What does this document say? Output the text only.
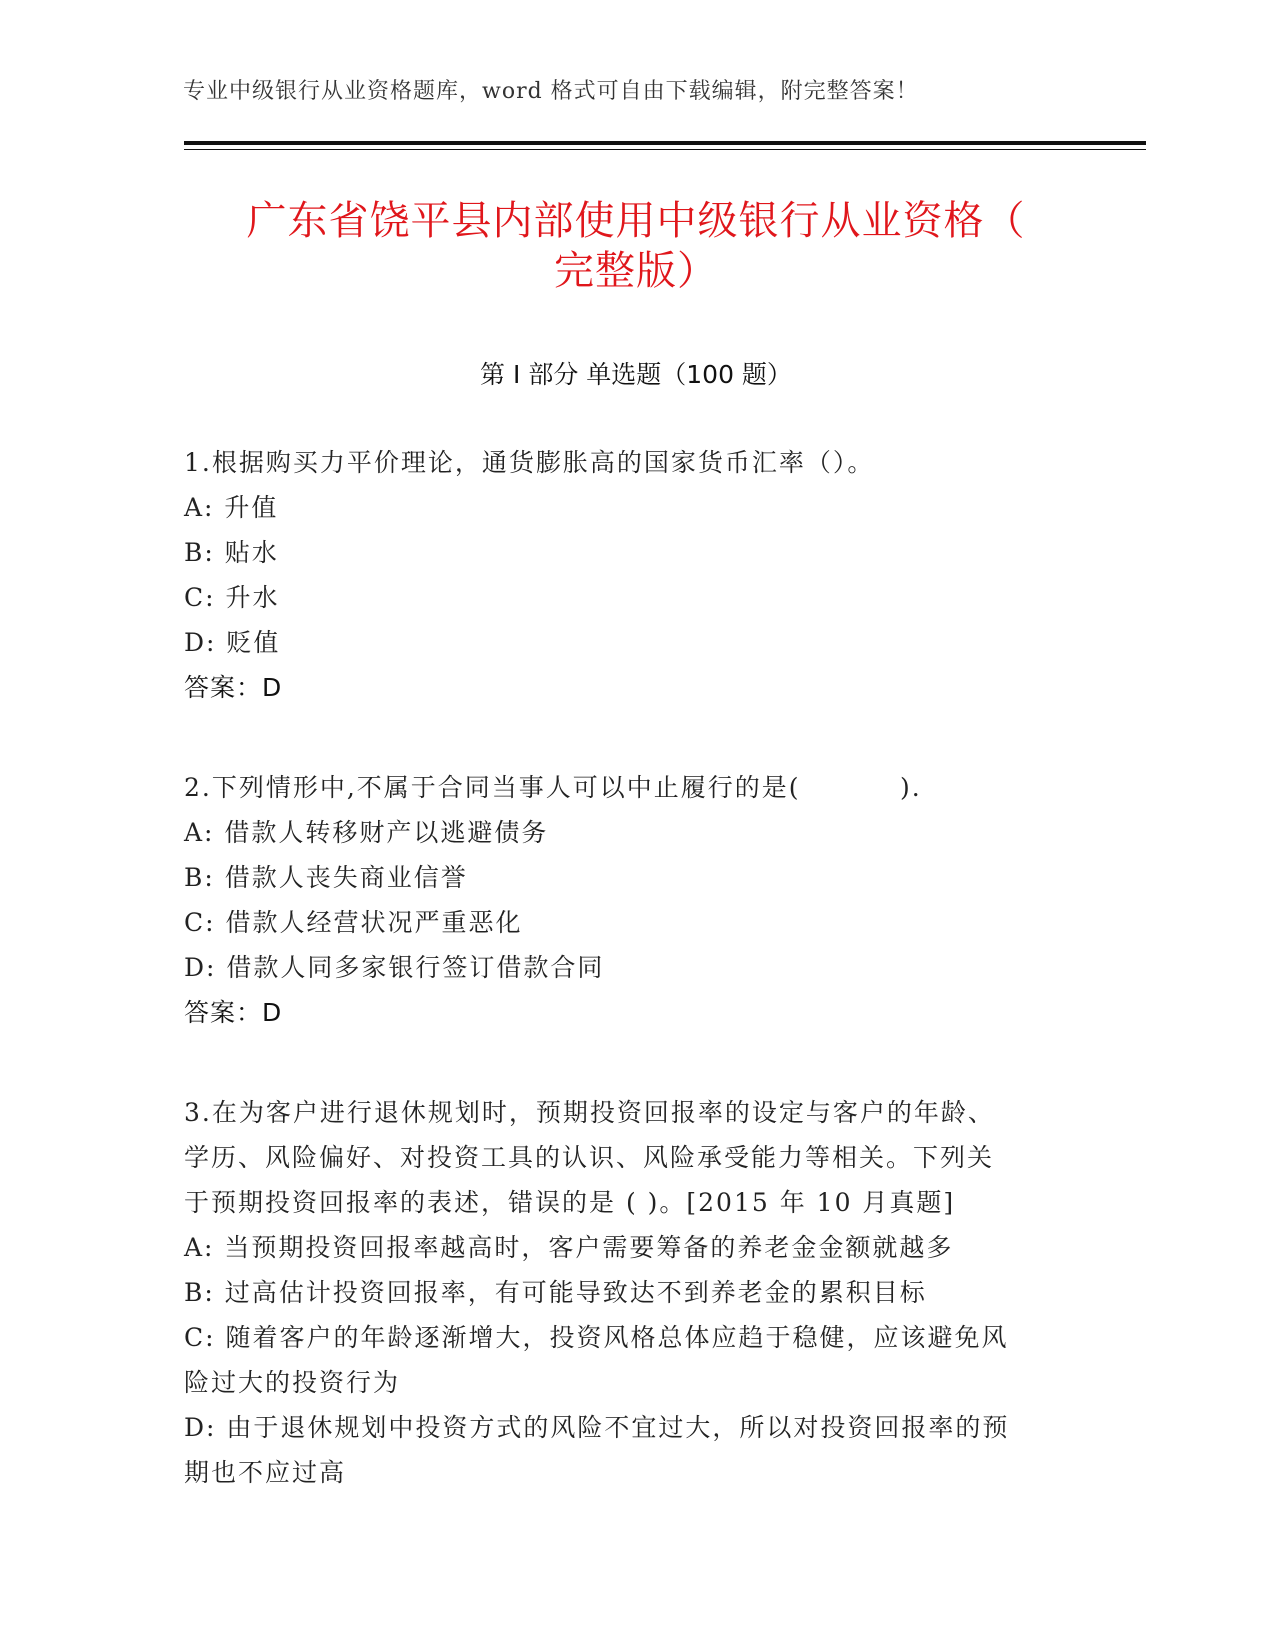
专业中级银行从业资格题库，word 格式可自由下载编辑，附完整答案！
广东省饶平县内部使用中级银行从业资格（
完整版）
第 I 部分 单选题（100 题）
1.根据购买力平价理论，通货膨胀高的国家货币汇率（）。
A: 升值
B: 贴水
C: 升水
D: 贬值
答案：D
2.下列情形中,不属于合同当事人可以中止履行的是(          ).
A: 借款人转移财产以逃避债务
B: 借款人丧失商业信誉
C: 借款人经营状况严重恶化
D: 借款人同多家银行签订借款合同
答案：D
3.在为客户进行退休规划时，预期投资回报率的设定与客户的年龄、
学历、风险偏好、对投资工具的认识、风险承受能力等相关。下列关
于预期投资回报率的表述，错误的是 ( )。[2015 年 10 月真题]
A: 当预期投资回报率越高时，客户需要筹备的养老金金额就越多
B: 过高估计投资回报率，有可能导致达不到养老金的累积目标
C: 随着客户的年龄逐渐增大，投资风格总体应趋于稳健，应该避免风
险过大的投资行为
D: 由于退休规划中投资方式的风险不宜过大，所以对投资回报率的预
期也不应过高
